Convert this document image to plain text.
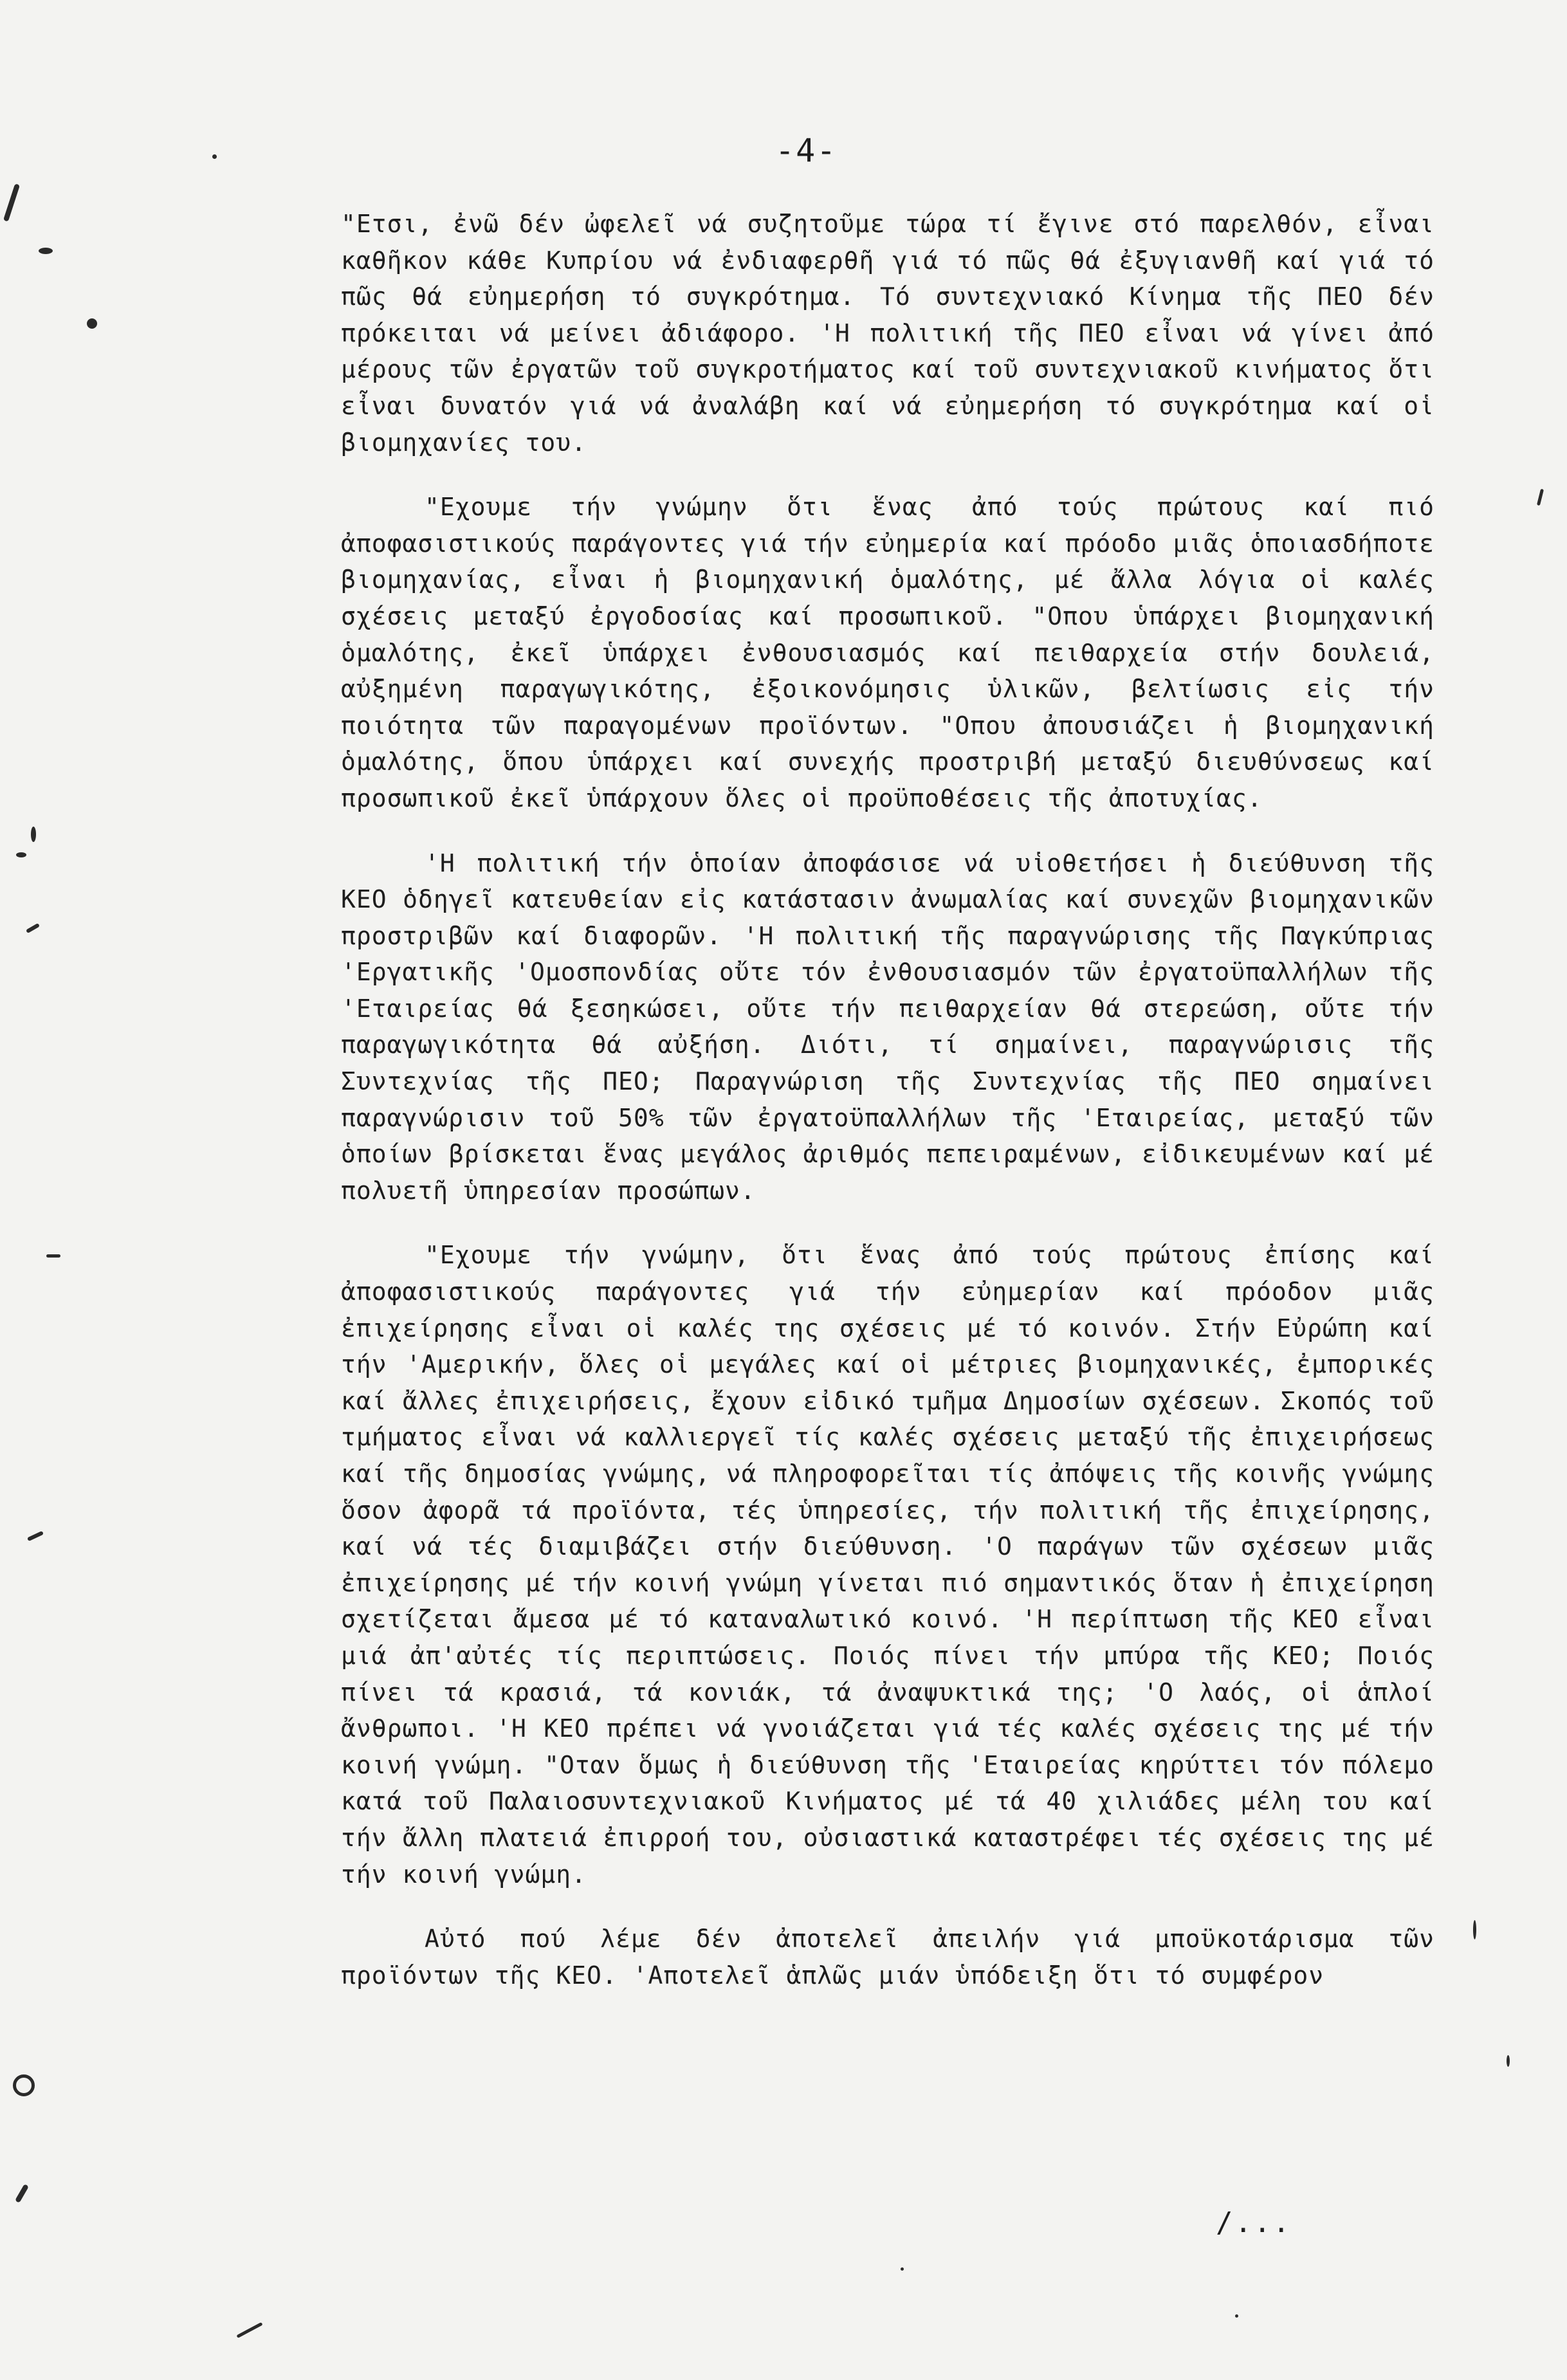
-4-

"Ετσι, ἐνῶ δέν ὠφελεῖ νά συζητοῦμε τώρα τί ἔγινε στό παρελθόν, εἶναι καθῆκον κάθε Κυπρίου νά ἐνδιαφερθῆ γιά τό πῶς θά ἐξυγιανθῆ καί γιά τό πῶς θά εὐημερήση τό συγκρότημα. Τό συντεχνιακό Κίνημα τῆς ΠΕΟ δέν πρόκειται νά μείνει ἀδιάφορο. 'Η πολιτική τῆς ΠΕΟ εἶναι νά γίνει ἀπό μέρους τῶν ἐργατῶν τοῦ συγκροτήματος καί τοῦ συντεχνιακοῦ κινήματος ὅτι εἶναι δυνατόν γιά νά ἀναλάβη καί νά εὐημερήση τό συγκρότημα καί οἱ βιομηχανίες του.

"Εχουμε τήν γνώμην ὅτι ἕνας ἀπό τούς πρώτους καί πιό ἀποφασιστικούς παράγοντες γιά τήν εὐημερία καί πρόοδο μιᾶς ὁποιασδήποτε βιομηχανίας, εἶναι ἡ βιομηχανική ὁμαλότης, μέ ἄλλα λόγια οἱ καλές σχέσεις μεταξύ ἐργοδοσίας καί προσωπικοῦ. "Οπου ὑπάρχει βιομηχανική ὁμαλότης, ἐκεῖ ὑπάρχει ἐνθουσιασμός καί πειθαρχεία στήν δουλειά, αὐξημένη παραγωγικότης, ἐξοικονόμησις ὑλικῶν, βελτίωσις εἰς τήν ποιότητα τῶν παραγομένων προϊόντων. "Οπου ἀπουσιάζει ἡ βιομηχανική ὁμαλότης, ὅπου ὑπάρχει καί συνεχής προστριβή μεταξύ διευθύνσεως καί προσωπικοῦ ἐκεῖ ὑπάρχουν ὅλες οἱ προϋποθέσεις τῆς ἀποτυχίας.

'Η πολιτική τήν ὁποίαν ἀποφάσισε νά υἱοθετήσει ἡ διεύθυνση τῆς ΚΕΟ ὁδηγεῖ κατευθείαν εἰς κατάστασιν ἀνωμαλίας καί συνεχῶν βιομηχανικῶν προστριβῶν καί διαφορῶν. 'Η πολιτική τῆς παραγνώρισης τῆς Παγκύπριας 'Εργατικῆς 'Ομοσπονδίας οὔτε τόν ἐνθουσιασμόν τῶν ἐργατοϋπαλλήλων τῆς 'Εταιρείας θά ξεσηκώσει, οὔτε τήν πειθαρχείαν θά στερεώση, οὔτε τήν παραγωγικότητα θά αὐξήση. Διότι, τί σημαίνει, παραγνώρισις τῆς Συντεχνίας τῆς ΠΕΟ; Παραγνώριση τῆς Συντεχνίας τῆς ΠΕΟ σημαίνει παραγνώρισιν τοῦ 50% τῶν ἐργατοϋπαλλήλων τῆς 'Εταιρείας, μεταξύ τῶν ὁποίων βρίσκεται ἕνας μεγάλος ἀριθμός πεπειραμένων, εἰδικευμένων καί μέ πολυετῆ ὑπηρεσίαν προσώπων.

"Εχουμε τήν γνώμην, ὅτι ἕνας ἀπό τούς πρώτους ἐπίσης καί ἀποφασιστικούς παράγοντες γιά τήν εὐημερίαν καί πρόοδον μιᾶς ἐπιχείρησης εἶναι οἱ καλές της σχέσεις μέ τό κοινόν. Στήν Εὐρώπη καί τήν 'Αμερικήν, ὅλες οἱ μεγάλες καί οἱ μέτριες βιομηχανικές, ἐμπορικές καί ἄλλες ἐπιχειρήσεις, ἔχουν εἰδικό τμῆμα Δημοσίων σχέσεων. Σκοπός τοῦ τμήματος εἶναι νά καλλιεργεῖ τίς καλές σχέσεις μεταξύ τῆς ἐπιχειρήσεως καί τῆς δημοσίας γνώμης, νά πληροφορεῖται τίς ἀπόψεις τῆς κοινῆς γνώμης ὅσον ἀφορᾶ τά προϊόντα, τές ὑπηρεσίες, τήν πολιτική τῆς ἐπιχείρησης, καί νά τές διαμιβάζει στήν διεύθυνση. 'Ο παράγων τῶν σχέσεων μιᾶς ἐπιχείρησης μέ τήν κοινή γνώμη γίνεται πιό σημαντικός ὅταν ἡ ἐπιχείρηση σχετίζεται ἄμεσα μέ τό καταναλωτικό κοινό. 'Η περίπτωση τῆς ΚΕΟ εἶναι μιά ἀπ'αὐτές τίς περιπτώσεις. Ποιός πίνει τήν μπύρα τῆς ΚΕΟ; Ποιός πίνει τά κρασιά, τά κονιάκ, τά ἀναψυκτικά της; 'Ο λαός, οἱ ἁπλοί ἄνθρωποι. 'Η ΚΕΟ πρέπει νά γνοιάζεται γιά τές καλές σχέσεις της μέ τήν κοινή γνώμη. "Οταν ὅμως ἡ διεύθυνση τῆς 'Εταιρείας κηρύττει τόν πόλεμο κατά τοῦ Παλαιοσυντεχνιακοῦ Κινήματος μέ τά 40 χιλιάδες μέλη του καί τήν ἄλλη πλατειά ἐπιρροή του, οὐσιαστικά καταστρέφει τές σχέσεις της μέ τήν κοινή γνώμη.

Αὐτό πού λέμε δέν ἀποτελεῖ ἀπειλήν γιά μποϋκοτάρισμα τῶν προϊόντων τῆς ΚΕΟ. 'Αποτελεῖ ἁπλῶς μιάν ὑπόδειξη ὅτι τό συμφέρον

/...
